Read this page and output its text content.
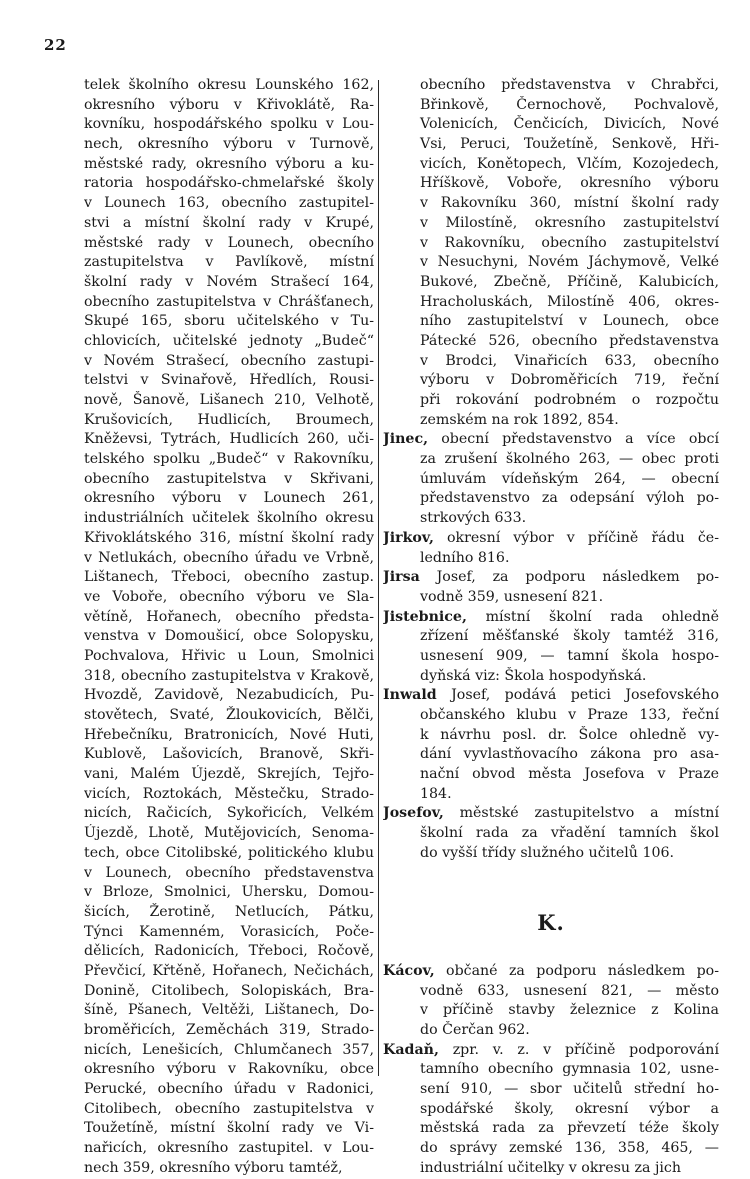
22
telek školního okresu Lounského 162,
okresního výboru v Křivoklátě, Ra-
kovníku, hospodářského spolku v Lou-
nech, okresního výboru v Turnově,
městské rady, okresního výboru a ku-
ratoria hospodářsko-chmelařské školy
v Lounech 163, obecního zastupitel-
stvi a místní školní rady v Krupé,
městské rady v Lounech, obecního
zastupitelstva v Pavlíkově, místní
školní rady v Novém Strašecí 164,
obecního zastupitelstva v Chrášťanech,
Skupé 165, sboru učitelského v Tu-
chlovicích, učitelské jednoty „Budeč“
v Novém Strašecí, obecního zastupi-
telstvi v Svinařově, Hředlích, Rousi-
nově, Šanově, Lišanech 210, Velhotě,
Krušovicích, Hudlicích, Broumech,
Kněževsi, Tytrách, Hudlicích 260, uči-
telského spolku „Budeč“ v Rakovníku,
obecního zastupitelstva v Skřivani,
okresního výboru v Lounech 261,
industriálních učitelek školního okresu
Křivoklátského 316, místní školní rady
v Netlukách, obecního úřadu ve Vrbně,
Lištanech, Třeboci, obecního zastup.
ve Voboře, obecního výboru ve Sla-
větíně, Hořanech, obecního předsta-
venstva v Domoušicí, obce Solopysku,
Pochvalova, Hřivic u Loun, Smolnici
318, obecního zastupitelstva v Krakově,
Hvozdě, Zavidově, Nezabudicích, Pu-
stovětech, Svaté, Žloukovicích, Bělči,
Hřebečníku, Bratronicích, Nové Huti,
Kublově, Lašovicích, Branově, Skři-
vani, Malém Újezdě, Skrejích, Tejřo-
vicích, Roztokách, Městečku, Strado-
nicích, Račicích, Sykořicích, Velkém
Újezdě, Lhotě, Mutějovicích, Senoma-
tech, obce Citolibské, politického klubu
v Lounech, obecního představenstva
v Brloze, Smolnici, Uhersku, Domou-
šicích, Žerotině, Netlucích, Pátku,
Týnci Kamenném, Vorasicích, Poče-
dělicích, Radonicích, Třeboci, Ročově,
Převčicí, Křtěně, Hořanech, Nečichách,
Donině, Citolibech, Solopiskách, Bra-
šíně, Pšanech, Veltěži, Lištanech, Do-
broměřicích, Zeměchách 319, Strado-
nicích, Lenešicích, Chlumčanech 357,
okresního výboru v Rakovníku, obce
Perucké, obecního úřadu v Radonici,
Citolibech, obecního zastupitelstva v
Toužetíně, místní školní rady ve Vi-
nařicích, okresního zastupitel. v Lou-
nech 359, okresního výboru tamtéž,
obecního představenstva v Chrabřci,
Břinkově, Černochově, Pochvalově,
Volenicích, Čenčicích, Divicích, Nové
Vsi, Peruci, Toužetíně, Senkově, Hři-
vicích, Konětopech, Vlčím, Kozojedech,
Hříškově, Voboře, okresního výboru
v Rakovníku 360, místní školní rady
v Milostíně, okresního zastupitelství
v Rakovníku, obecního zastupitelství
v Nesuchyni, Novém Jáchymově, Velké
Bukové, Zbečně, Příčině, Kalubicích,
Hracholuskách, Milostíně 406, okres-
ního zastupitelství v Lounech, obce
Pátecké 526, obecního představenstva
v Brodci, Vinařicích 633, obecního
výboru v Dobroměřicích 719, řeční
při rokování podrobném o rozpočtu
zemském na rok 1892, 854.
Jinec, obecní představenstvo a více obcí
za zrušení školného 263, — obec proti
úmluvám vídeňským 264, — obecní
představenstvo za odepsání výloh po-
strkových 633.
Jirkov, okresní výbor v příčině řádu če-
ledního 816.
Jirsa Josef, za podporu následkem po-
vodně 359, usnesení 821.
Jistebnice, místní školní rada ohledně
zřízení měšťanské školy tamtéž 316,
usnesení 909, — tamní škola hospo-
dyňská viz: Škola hospodyňská.
Inwald Josef, podává petici Josefovského
občanského klubu v Praze 133, řeční
k návrhu posl. dr. Šolce ohledně vy-
dání vyvlastňovacího zákona pro asa-
nační obvod města Josefova v Praze
184.
Josefov, městské zastupitelstvo a místní
školní rada za vřadění tamních škol
do vyšší třídy služného učitelů 106.
K.
Kácov, občané za podporu následkem po-
vodně 633, usnesení 821, — město
v příčině stavby železnice z Kolina
do Čerčan 962.
Kadaň, zpr. v. z. v příčině podporování
tamního obecního gymnasia 102, usne-
sení 910, — sbor učitelů střední ho-
spodářské školy, okresní výbor a
městská rada za převzetí téže školy
do správy zemské 136, 358, 465, —
industriální učitelky v okresu za jich
